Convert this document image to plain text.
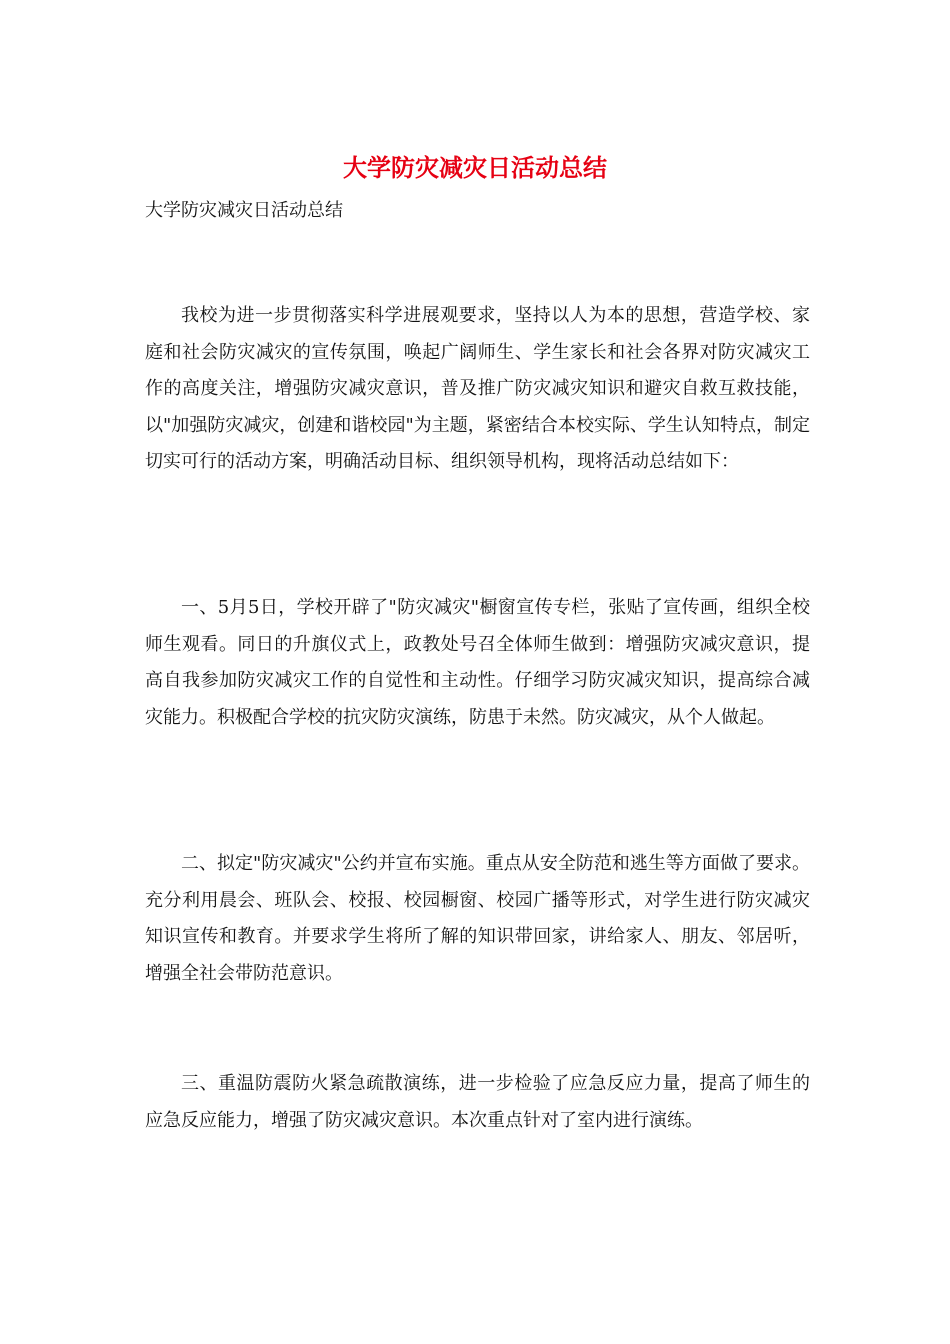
大学防灾减灾日活动总结

大学防灾减灾日活动总结

我校为进一步贯彻落实科学进展观要求，坚持以人为本的思想，营造学校、家庭和社会防灾减灾的宣传氛围，唤起广阔师生、学生家长和社会各界对防灾减灾工作的高度关注，增强防灾减灾意识，普及推广防灾减灾知识和避灾自救互救技能，以"加强防灾减灾，创建和谐校园"为主题，紧密结合本校实际、学生认知特点，制定切实可行的活动方案，明确活动目标、组织领导机构，现将活动总结如下：

一、5月5日，学校开辟了"防灾减灾"橱窗宣传专栏，张贴了宣传画，组织全校师生观看。同日的升旗仪式上，政教处号召全体师生做到：增强防灾减灾意识，提高自我参加防灾减灾工作的自觉性和主动性。仔细学习防灾减灾知识，提高综合减灾能力。积极配合学校的抗灾防灾演练，防患于未然。防灾减灾，从个人做起。

二、拟定"防灾减灾"公约并宣布实施。重点从安全防范和逃生等方面做了要求。充分利用晨会、班队会、校报、校园橱窗、校园广播等形式，对学生进行防灾减灾知识宣传和教育。并要求学生将所了解的知识带回家，讲给家人、朋友、邻居听，增强全社会带防范意识。

三、重温防震防火紧急疏散演练，进一步检验了应急反应力量，提高了师生的应急反应能力，增强了防灾减灾意识。本次重点针对了室内进行演练。
